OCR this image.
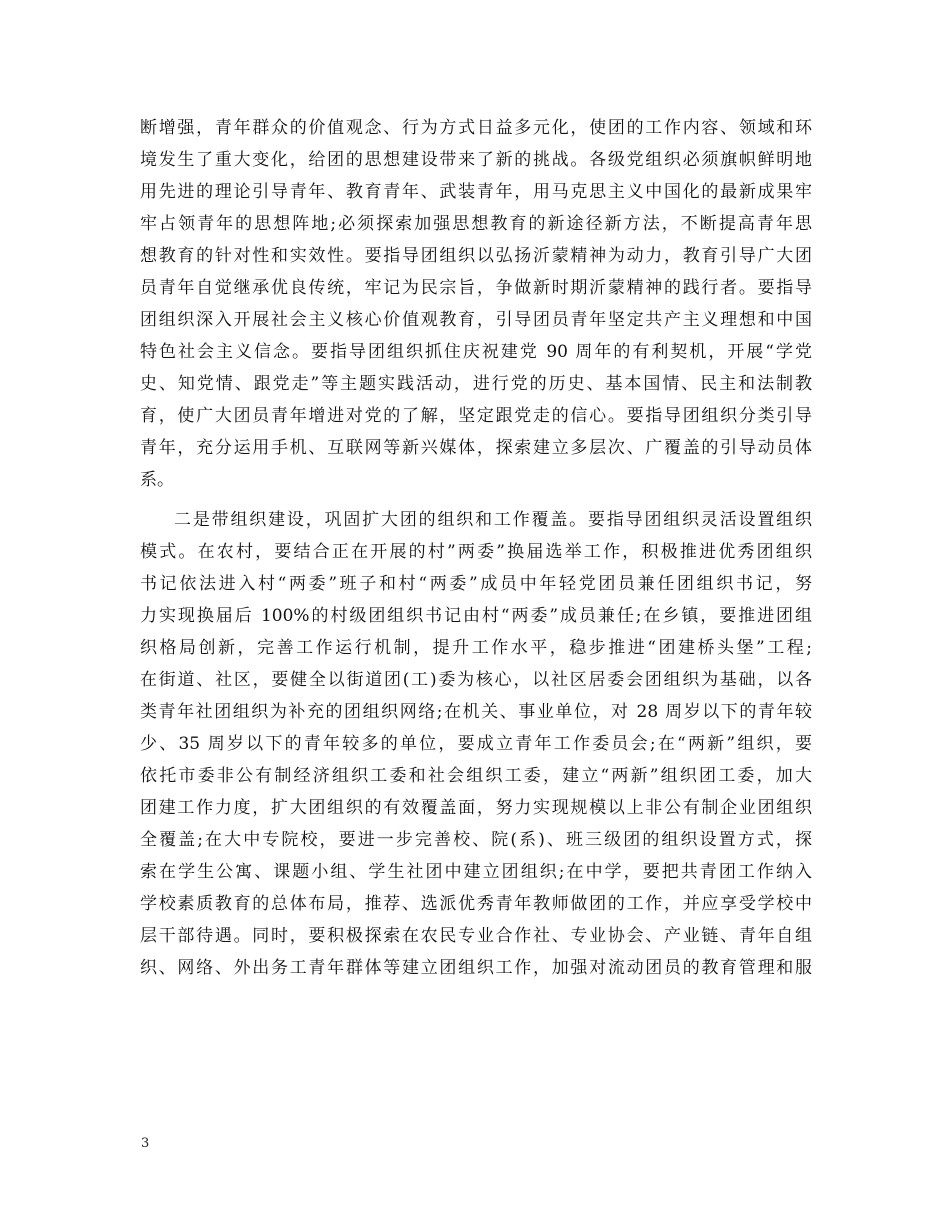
断增强，青年群众的价值观念、行为方式日益多元化，使团的工作内容、领域和环
境发生了重大变化，给团的思想建设带来了新的挑战。各级党组织必须旗帜鲜明地
用先进的理论引导青年、教育青年、武装青年，用马克思主义中国化的最新成果牢
牢占领青年的思想阵地;必须探索加强思想教育的新途径新方法，不断提高青年思
想教育的针对性和实效性。要指导团组织以弘扬沂蒙精神为动力，教育引导广大团
员青年自觉继承优良传统，牢记为民宗旨，争做新时期沂蒙精神的践行者。要指导
团组织深入开展社会主义核心价值观教育，引导团员青年坚定共产主义理想和中国
特色社会主义信念。要指导团组织抓住庆祝建党 90 周年的有利契机，开展“学党
史、知党情、跟党走”等主题实践活动，进行党的历史、基本国情、民主和法制教
育，使广大团员青年增进对党的了解，坚定跟党走的信心。要指导团组织分类引导
青年，充分运用手机、互联网等新兴媒体，探索建立多层次、广覆盖的引导动员体
系。
二是带组织建设，巩固扩大团的组织和工作覆盖。要指导团组织灵活设置组织
模式。在农村，要结合正在开展的村”两委”换届选举工作，积极推进优秀团组织
书记依法进入村“两委”班子和村“两委”成员中年轻党团员兼任团组织书记，努
力实现换届后 100%的村级团组织书记由村“两委”成员兼任;在乡镇，要推进团组
织格局创新，完善工作运行机制，提升工作水平，稳步推进“团建桥头堡”工程;
在街道、社区，要健全以街道团(工)委为核心，以社区居委会团组织为基础，以各
类青年社团组织为补充的团组织网络;在机关、事业单位，对 28 周岁以下的青年较
少、35 周岁以下的青年较多的单位，要成立青年工作委员会;在“两新”组织，要
依托市委非公有制经济组织工委和社会组织工委，建立“两新”组织团工委，加大
团建工作力度，扩大团组织的有效覆盖面，努力实现规模以上非公有制企业团组织
全覆盖;在大中专院校，要进一步完善校、院(系)、班三级团的组织设置方式，探
索在学生公寓、课题小组、学生社团中建立团组织;在中学，要把共青团工作纳入
学校素质教育的总体布局，推荐、选派优秀青年教师做团的工作，并应享受学校中
层干部待遇。同时，要积极探索在农民专业合作社、专业协会、产业链、青年自组
织、网络、外出务工青年群体等建立团组织工作，加强对流动团员的教育管理和服
3
